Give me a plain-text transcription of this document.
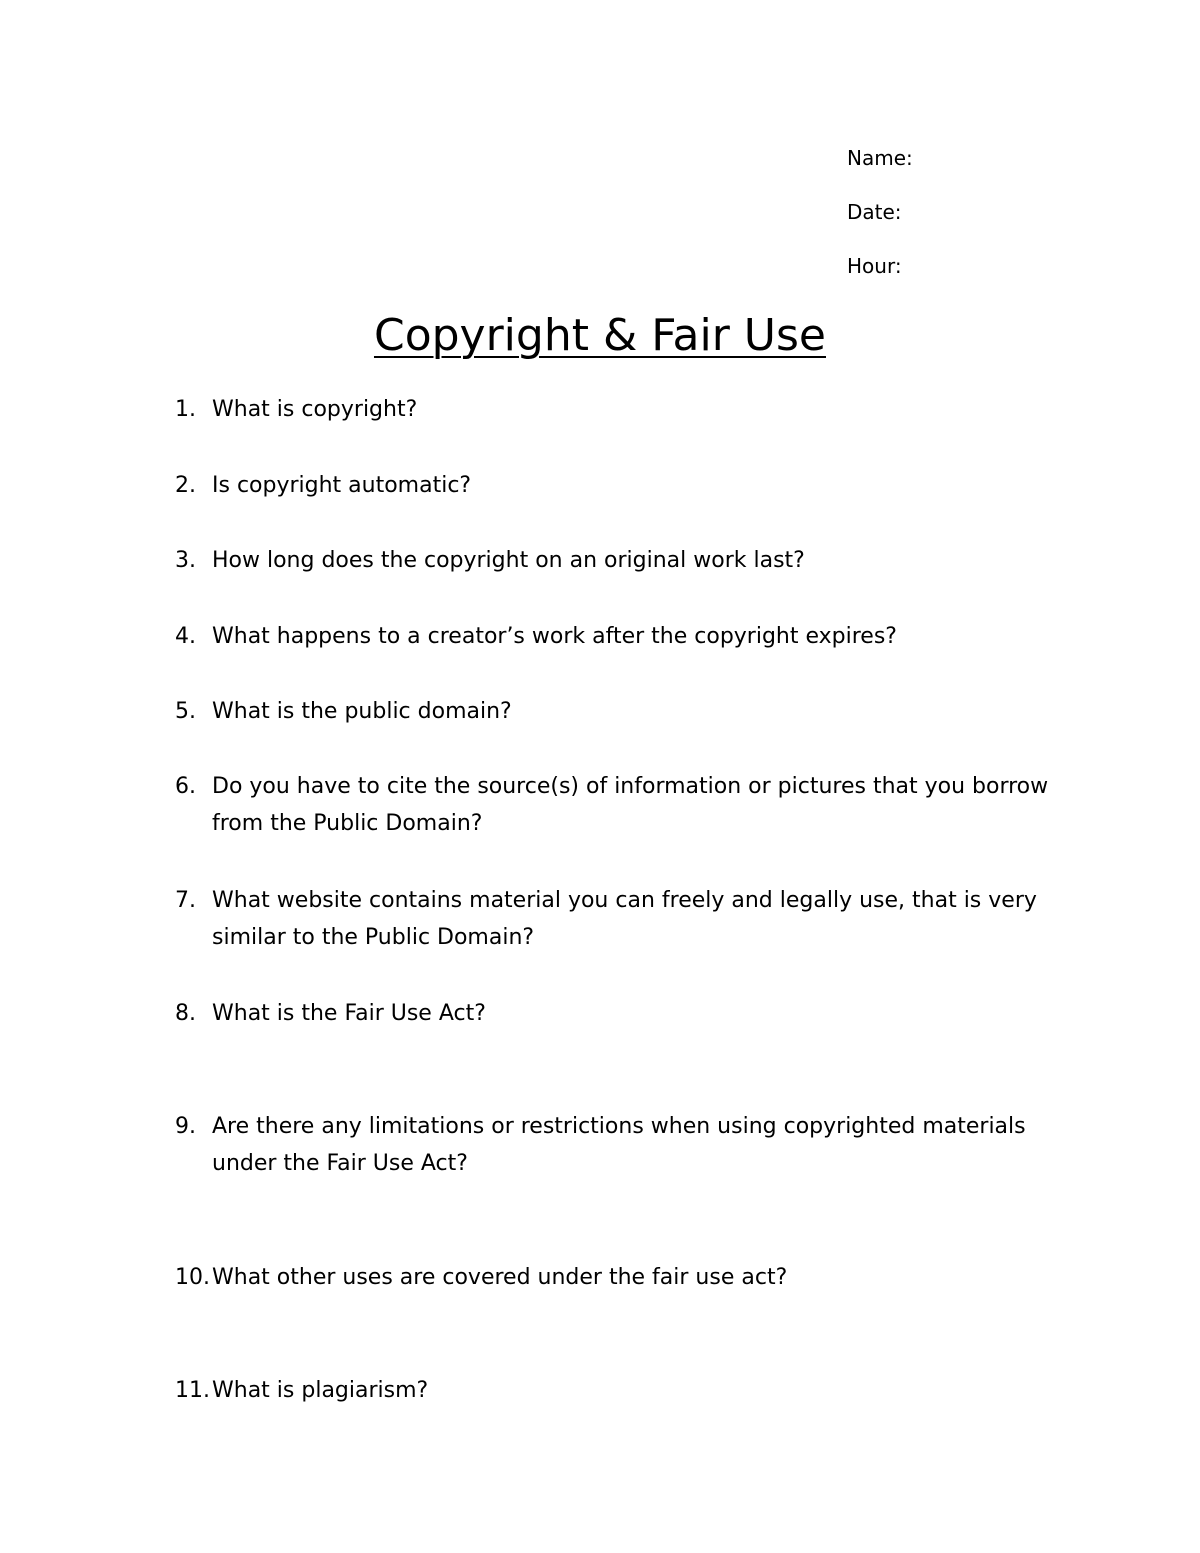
Name:
Date:
Hour:
Copyright & Fair Use
1. What is copyright?
2. Is copyright automatic?
3. How long does the copyright on an original work last?
4. What happens to a creator’s work after the copyright expires?
5. What is the public domain?
6. Do you have to cite the source(s) of information or pictures that you borrow from the Public Domain?
7. What website contains material you can freely and legally use, that is very similar to the Public Domain?
8. What is the Fair Use Act?
9. Are there any limitations or restrictions when using copyrighted materials under the Fair Use Act?
10. What other uses are covered under the fair use act?
11. What is plagiarism?
